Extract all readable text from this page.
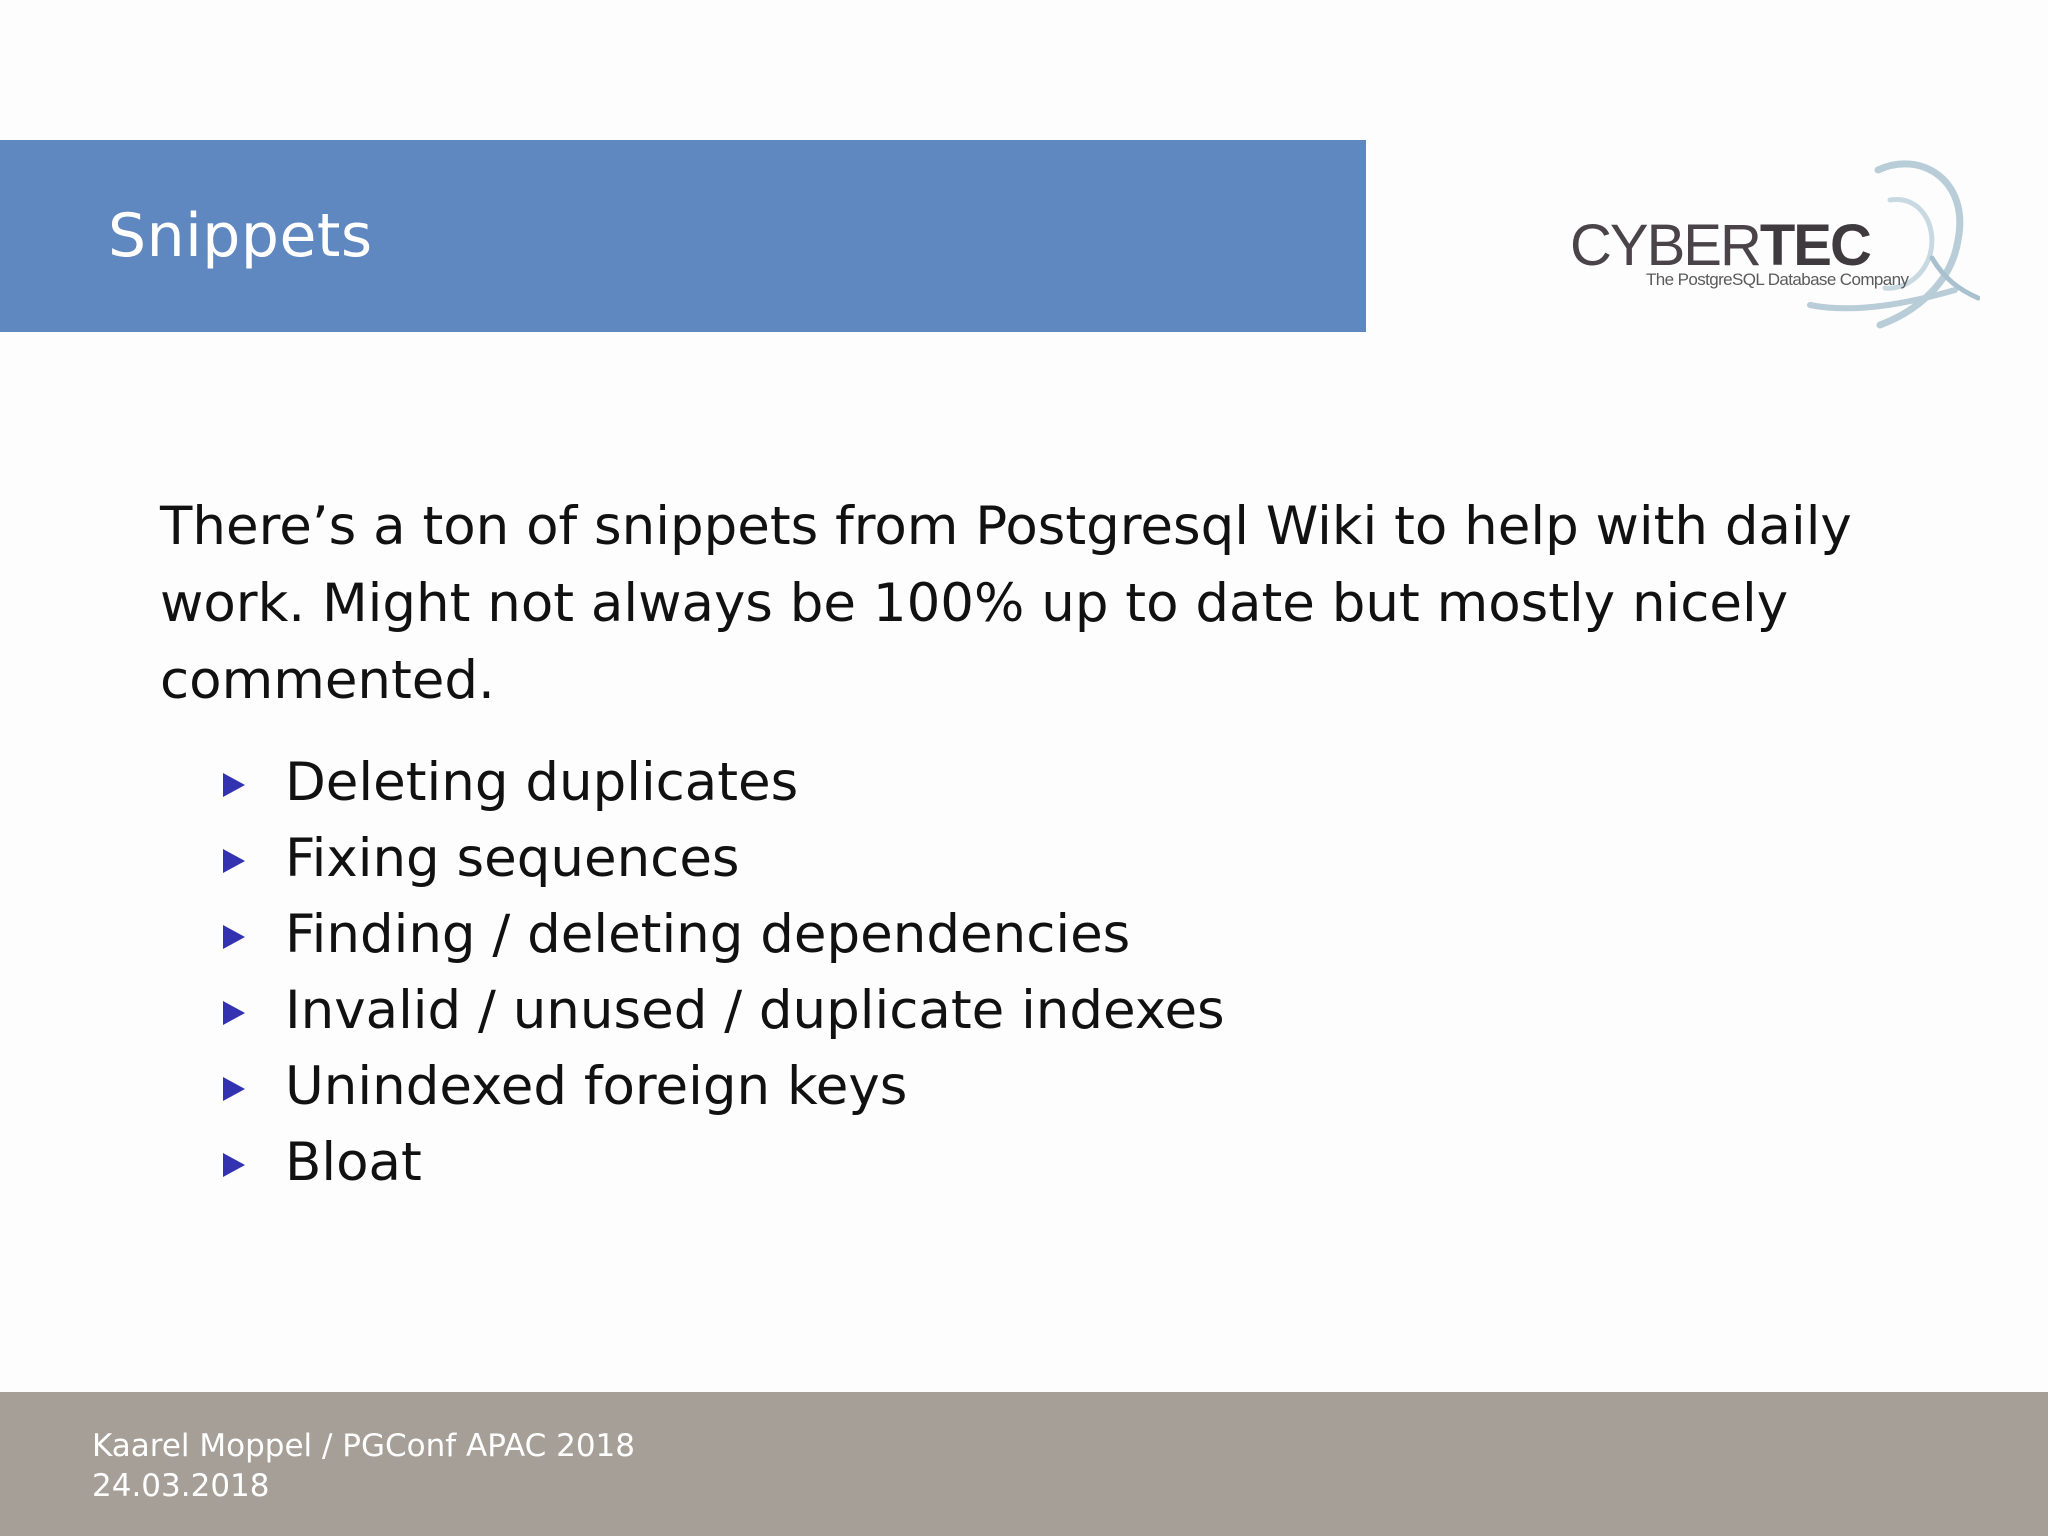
Snippets	CYBERTEC
The PostgreSQL Database Company

There’s a ton of snippets from Postgresql Wiki to help with daily work. Might not always be 100% up to date but mostly nicely commented.

Deleting duplicates
Fixing sequences
Finding / deleting dependencies
Invalid / unused / duplicate indexes
Unindexed foreign keys
Bloat
Kaarel Moppel / PGConf APAC 2018
24.03.2018
